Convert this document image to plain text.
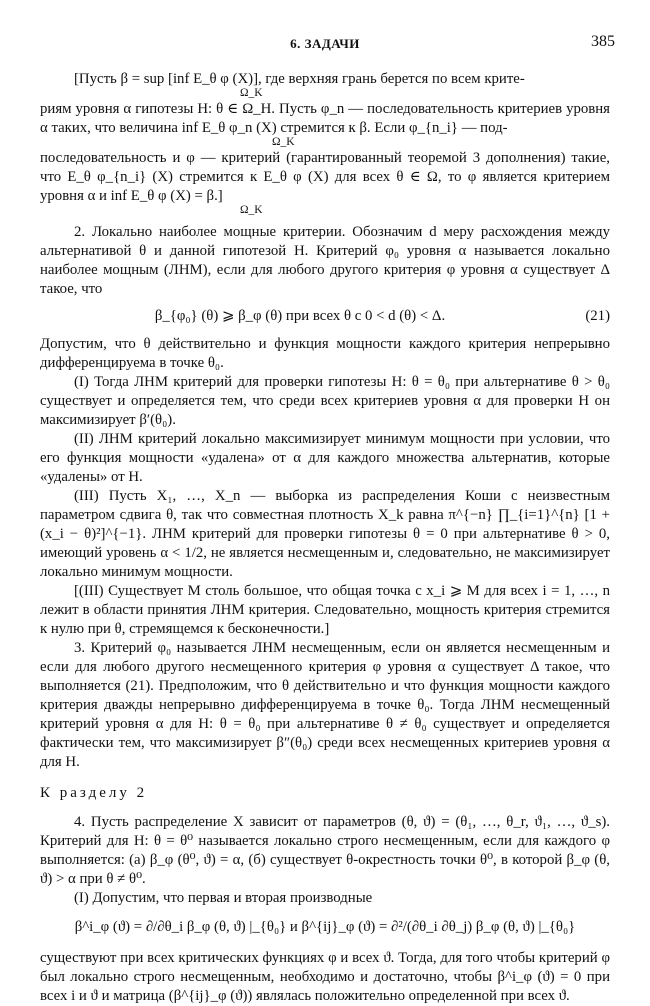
6. ЗАДАЧИ	385

[Пусть β = sup [inf E_θ φ (X)], где верхняя грань берется по всем крите-

Ω_K

риям уровня α гипотезы H: θ ∈ Ω_H. Пусть φ_n — последовательность критериев уровня α таких, что величина inf E_θ φ_n (X) стремится к β. Если φ_{n_i} — под-

Ω_K

последовательность и φ — критерий (гарантированный теоремой 3 дополнения) такие, что E_θ φ_{n_i} (X) стремится к E_θ φ (X) для всех θ ∈ Ω, то φ является критерием уровня α и inf E_θ φ (X) = β.]

Ω_K

2. Локально наиболее мощные критерии. Обозначим d меру расхождения между альтернативой θ и данной гипотезой H. Критерий φ₀ уровня α называется локально наиболее мощным (ЛНМ), если для любого другого критерия φ уровня α существует Δ такое, что

β_{φ₀} (θ) ⩾ β_φ (θ) при всех θ с 0 < d (θ) < Δ.	(21)

Допустим, что θ действительно и функция мощности каждого критерия непрерывно дифференцируема в точке θ₀.

(I) Тогда ЛНМ критерий для проверки гипотезы H: θ = θ₀ при альтернативе θ > θ₀ существует и определяется тем, что среди всех критериев уровня α для проверки H он максимизирует β′(θ₀).

(II) ЛНМ критерий локально максимизирует минимум мощности при условии, что его функция мощности «удалена» от α для каждого множества альтернатив, которые «удалены» от H.

(III) Пусть X₁, …, X_n — выборка из распределения Коши с неизвестным параметром сдвига θ, так что совместная плотность X_k равна π^{−n} ∏_{i=1}^{n} [1 + (x_i − θ)²]^{−1}. ЛНМ критерий для проверки гипотезы θ = 0 при альтернативе θ > 0, имеющий уровень α < 1/2, не является несмещенным и, следовательно, не максимизирует локально минимум мощности.

[(III) Существует M столь большое, что общая точка с x_i ⩾ M для всех i = 1, …, n лежит в области принятия ЛНМ критерия. Следовательно, мощность критерия стремится к нулю при θ, стремящемся к бесконечности.]

3. Критерий φ₀ называется ЛНМ несмещенным, если он является несмещенным и если для любого другого несмещенного критерия φ уровня α существует Δ такое, что выполняется (21). Предположим, что θ действительно и что функция мощности каждого критерия дважды непрерывно дифференцируема в точке θ₀. Тогда ЛНМ несмещенный критерий уровня α для H: θ = θ₀ при альтернативе θ ≠ θ₀ существует и определяется фактически тем, что максимизирует β″(θ₀) среди всех несмещенных критериев уровня α для H.

К разделу 2

4. Пусть распределение X зависит от параметров (θ, ϑ) = (θ₁, …, θ_r, ϑ₁, …, ϑ_s). Критерий для H: θ = θ⁰ называется локально строго несмещенным, если для каждого φ выполняется: (a) β_φ (θ⁰, ϑ) = α, (б) существует θ-окрестность точки θ⁰, в которой β_φ (θ, ϑ) > α при θ ≠ θ⁰.

(I) Допустим, что первая и вторая производные

β^i_φ (ϑ) = ∂/∂θ_i β_φ (θ, ϑ) |_{θ₀} и β^{ij}_φ (ϑ) = ∂²/(∂θ_i ∂θ_j) β_φ (θ, ϑ) |_{θ₀}

существуют при всех критических функциях φ и всех ϑ. Тогда, для того чтобы критерий φ был локально строго несмещенным, необходимо и достаточно, чтобы β^i_φ (ϑ) = 0 при всех i и ϑ и матрица (β^{ij}_φ (ϑ)) являлась положительно определенной при всех ϑ.
